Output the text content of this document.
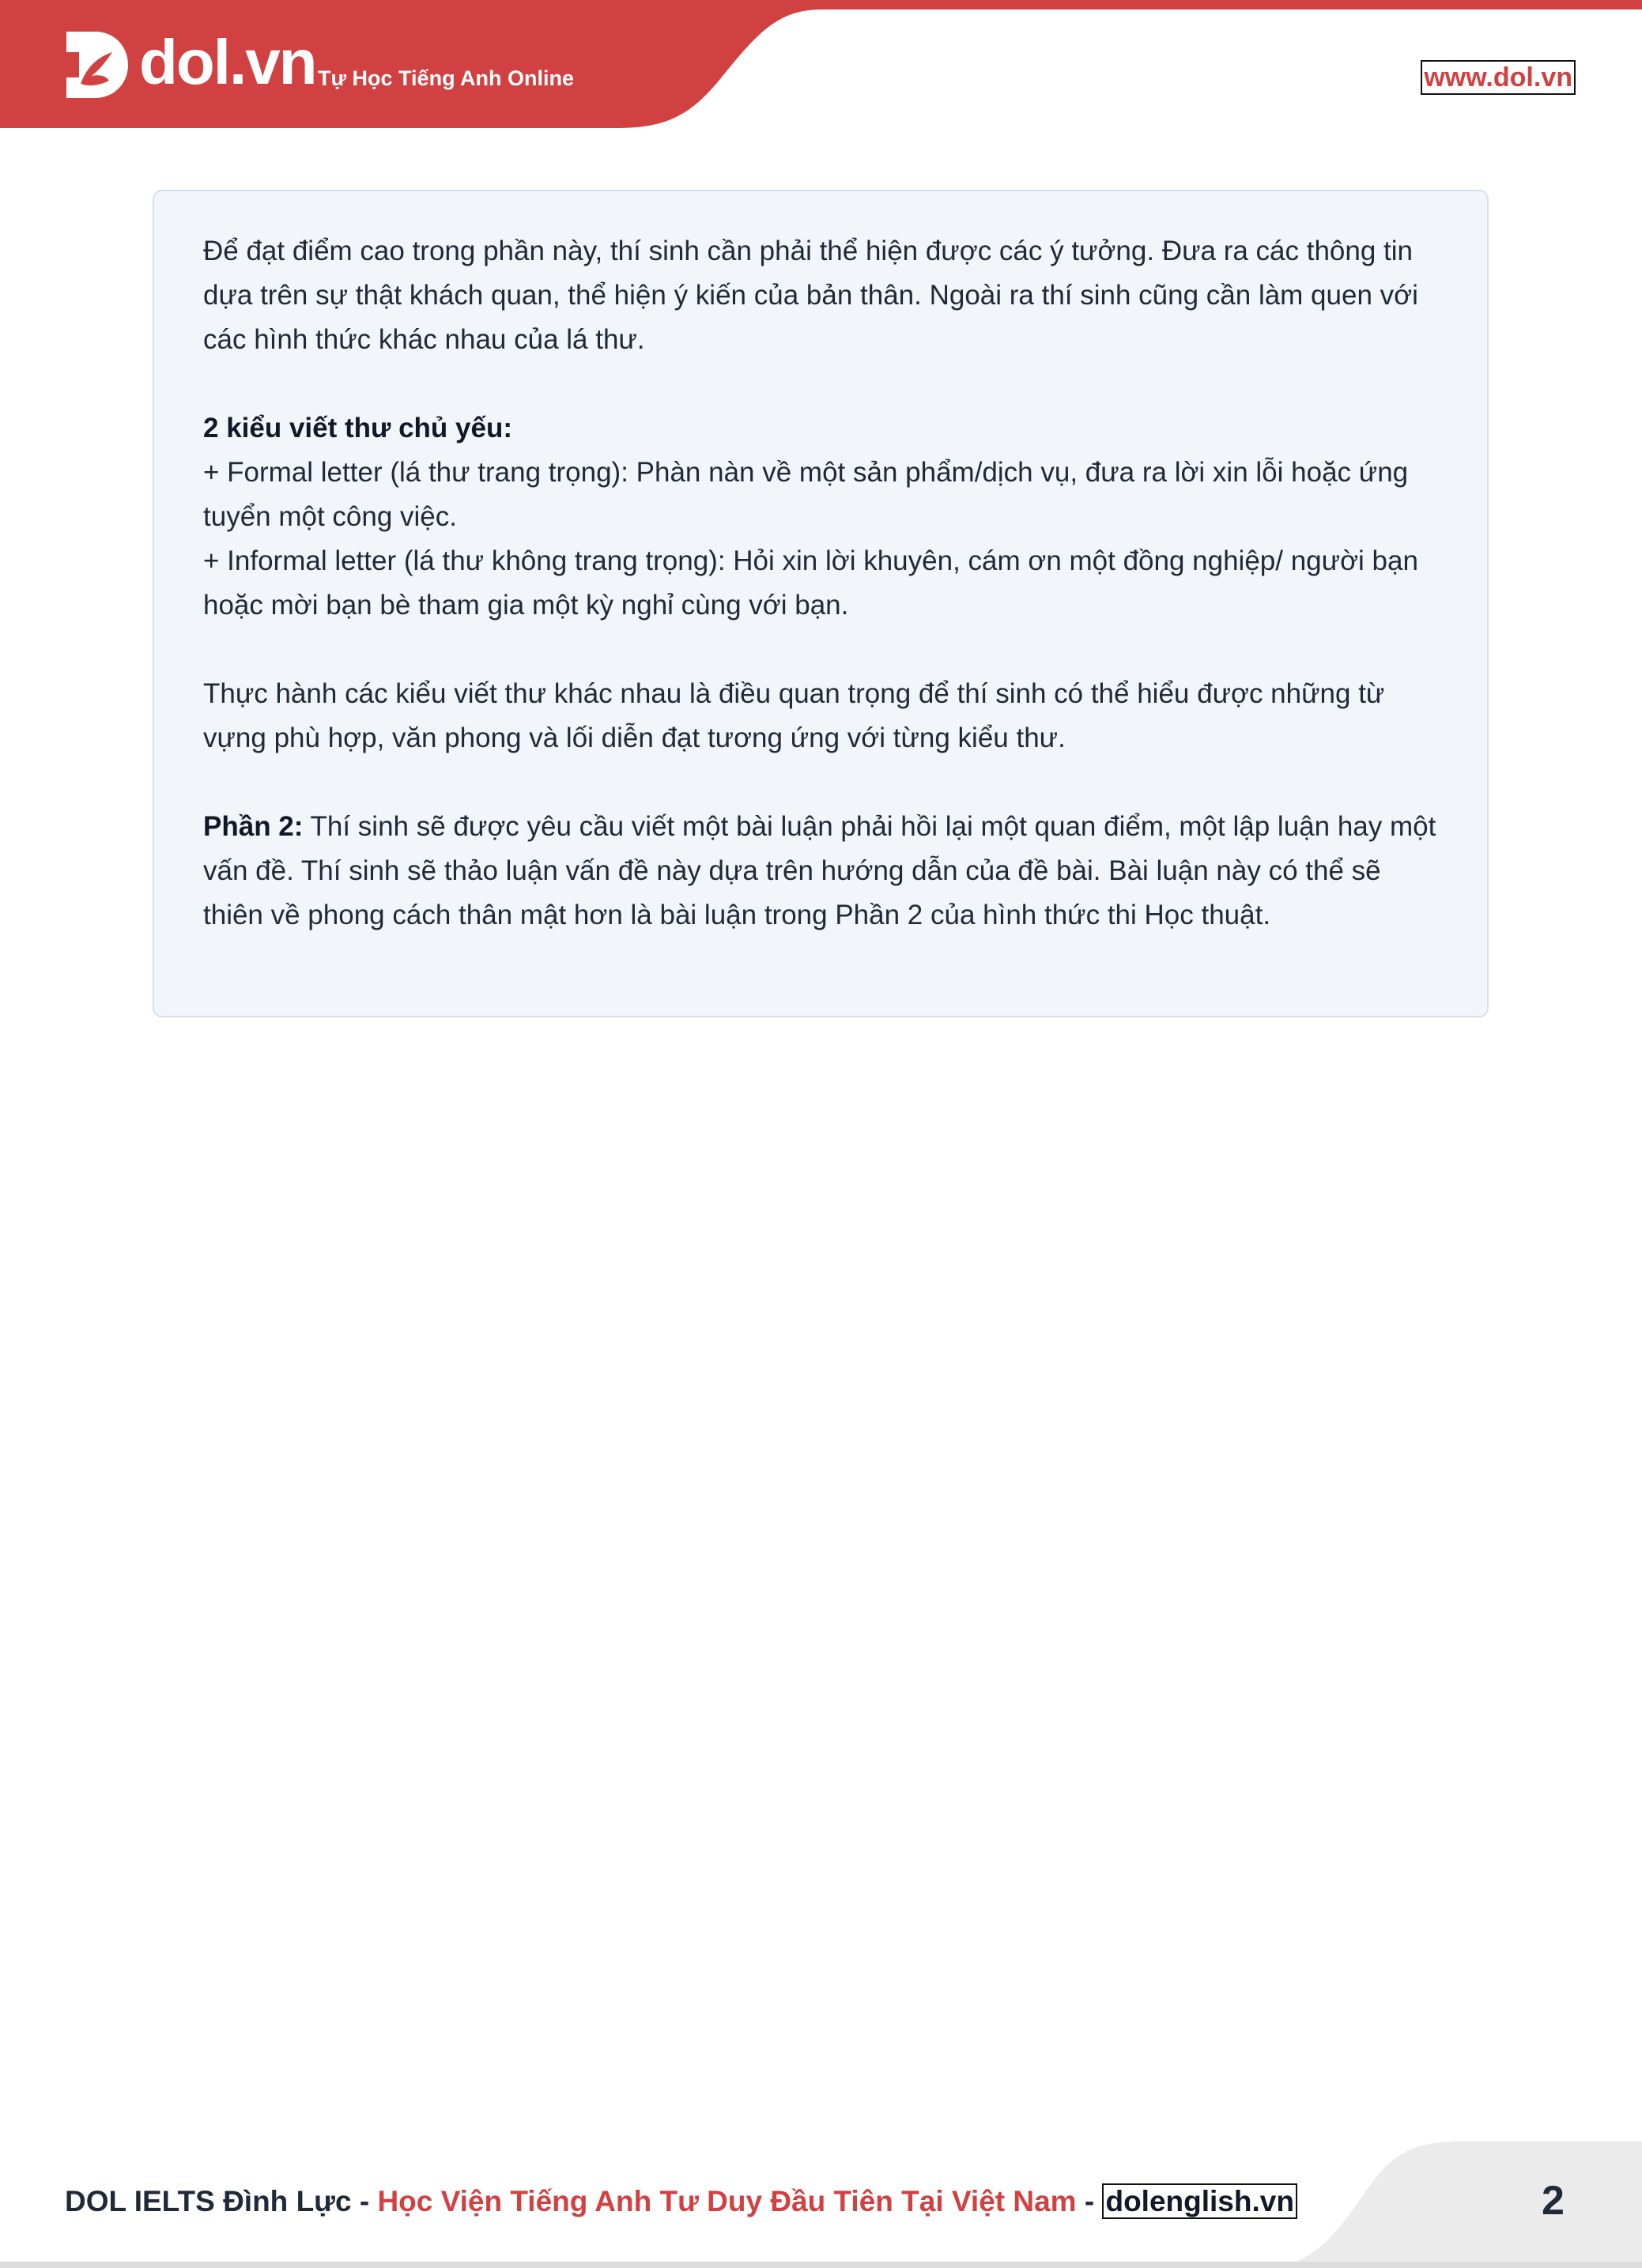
dol.vn Tự Học Tiếng Anh Online	www.dol.vn

Để đạt điểm cao trong phần này, thí sinh cần phải thể hiện được các ý tưởng. Đưa ra các thông tin dựa trên sự thật khách quan, thể hiện ý kiến của bản thân. Ngoài ra thí sinh cũng cần làm quen với các hình thức khác nhau của lá thư.

2 kiểu viết thư chủ yếu:

+ Formal letter (lá thư trang trọng): Phàn nàn về một sản phẩm/dịch vụ, đưa ra lời xin lỗi hoặc ứng tuyển một công việc.

+ Informal letter (lá thư không trang trọng): Hỏi xin lời khuyên, cám ơn một đồng nghiệp/ người bạn hoặc mời bạn bè tham gia một kỳ nghỉ cùng với bạn.

Thực hành các kiểu viết thư khác nhau là điều quan trọng để thí sinh có thể hiểu được những từ vựng phù hợp, văn phong và lối diễn đạt tương ứng với từng kiểu thư.

Phần 2: Thí sinh sẽ được yêu cầu viết một bài luận phải hồi lại một quan điểm, một lập luận hay một vấn đề. Thí sinh sẽ thảo luận vấn đề này dựa trên hướng dẫn của đề bài. Bài luận này có thể sẽ thiên về phong cách thân mật hơn là bài luận trong Phần 2 của hình thức thi Học thuật.

DOL IELTS Đình Lực - Học Viện Tiếng Anh Tư Duy Đầu Tiên Tại Việt Nam - dolenglish.vn	2
